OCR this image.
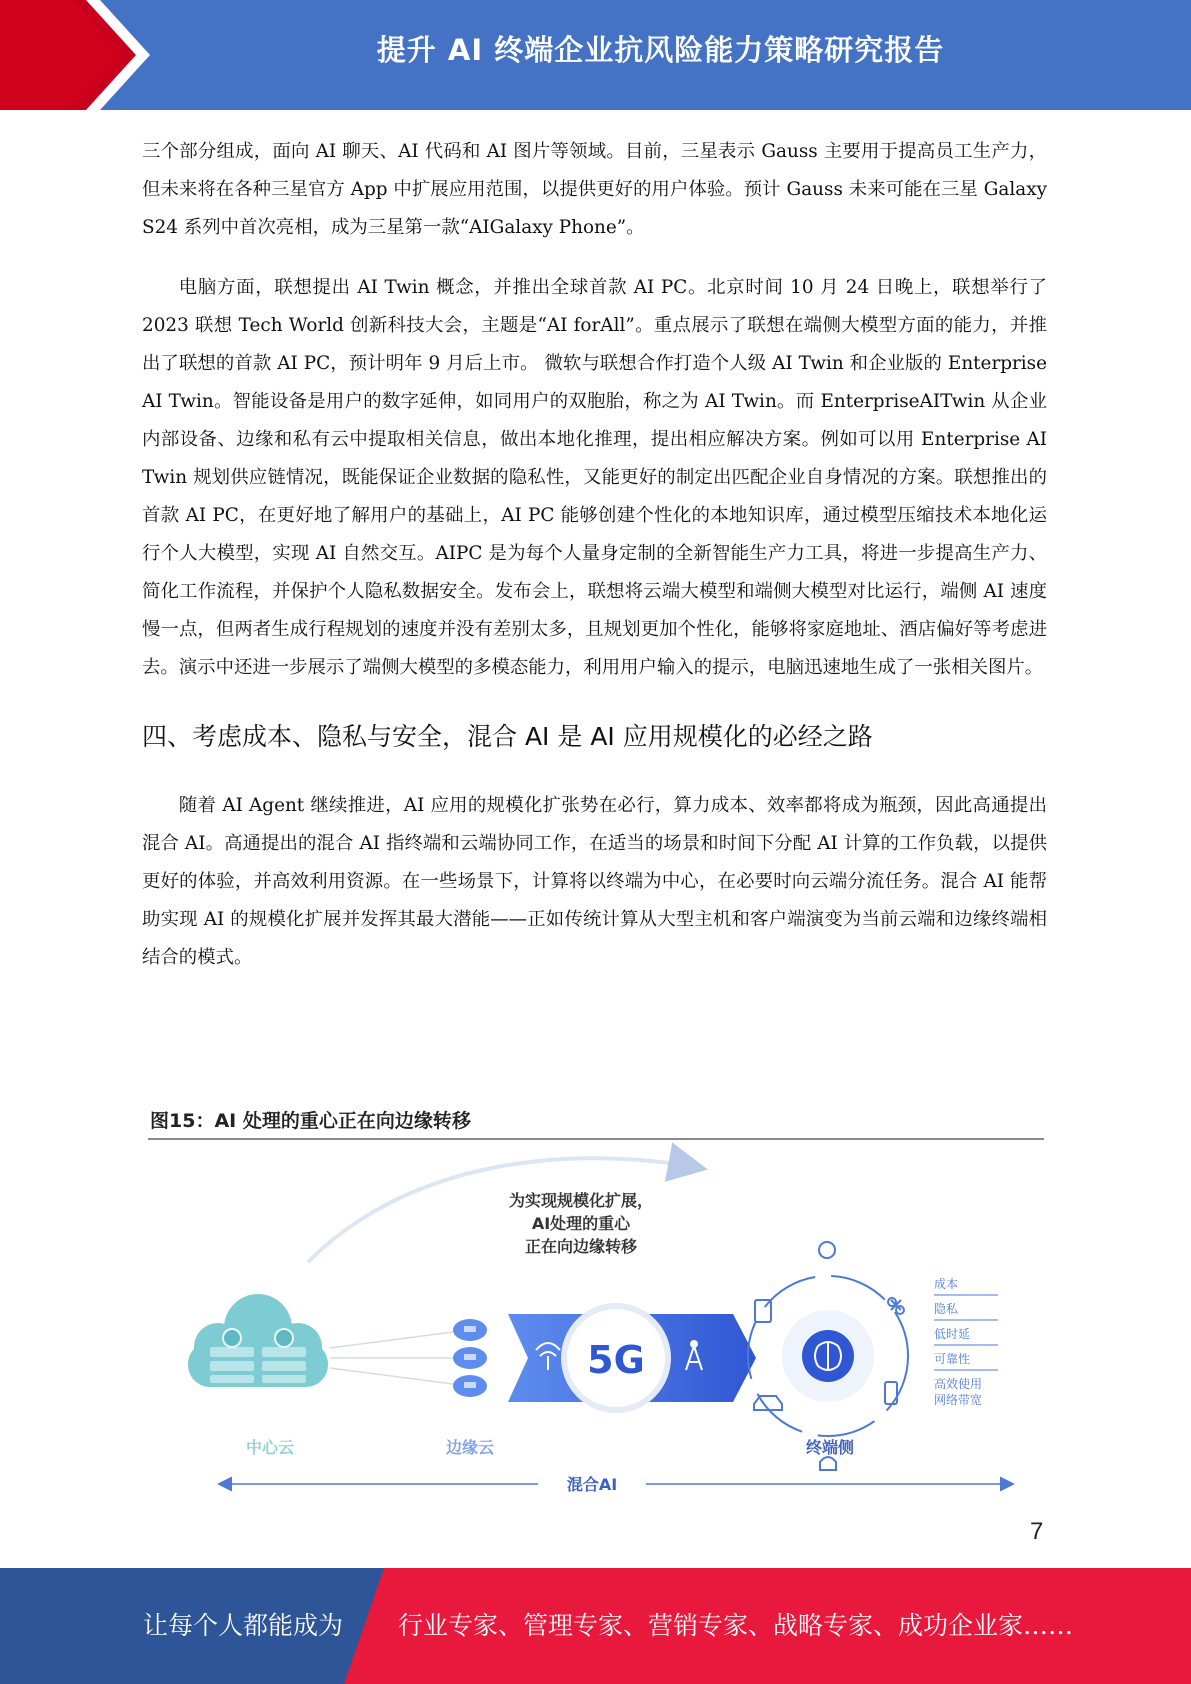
提升 AI 终端企业抗风险能力策略研究报告

三个部分组成，面向 AI 聊天、AI 代码和 AI 图片等领域。目前，三星表示 Gauss 主要用于提高员工生产力，但未来将在各种三星官方 App 中扩展应用范围，以提供更好的用户体验。预计 Gauss 未来可能在三星 Galaxy S24 系列中首次亮相，成为三星第一款“AIGalaxy Phone”。

电脑方面，联想提出 AI Twin 概念，并推出全球首款 AI PC。北京时间 10 月 24 日晚上，联想举行了 2023 联想 Tech World 创新科技大会，主题是“AI forAll”。重点展示了联想在端侧大模型方面的能力，并推出了联想的首款 AI PC，预计明年 9 月后上市。 微软与联想合作打造个人级 AI Twin 和企业版的 Enterprise AI Twin。智能设备是用户的数字延伸，如同用户的双胞胎，称之为 AI Twin。而 EnterpriseAITwin 从企业内部设备、边缘和私有云中提取相关信息，做出本地化推理，提出相应解决方案。例如可以用 Enterprise AI Twin 规划供应链情况，既能保证企业数据的隐私性，又能更好的制定出匹配企业自身情况的方案。联想推出的首款 AI PC，在更好地了解用户的基础上，AI PC 能够创建个性化的本地知识库，通过模型压缩技术本地化运行个人大模型，实现 AI 自然交互。AIPC 是为每个人量身定制的全新智能生产力工具，将进一步提高生产力、简化工作流程，并保护个人隐私数据安全。发布会上，联想将云端大模型和端侧大模型对比运行，端侧 AI 速度慢一点，但两者生成行程规划的速度并没有差别太多，且规划更加个性化，能够将家庭地址、酒店偏好等考虑进去。演示中还进一步展示了端侧大模型的多模态能力，利用用户输入的提示，电脑迅速地生成了一张相关图片。

四、考虑成本、隐私与安全，混合 AI 是 AI 应用规模化的必经之路

随着 AI Agent 继续推进，AI 应用的规模化扩张势在必行，算力成本、效率都将成为瓶颈，因此高通提出混合 AI。高通提出的混合 AI 指终端和云端协同工作，在适当的场景和时间下分配 AI 计算的工作负载，以提供更好的体验，并高效利用资源。在一些场景下，计算将以终端为中心，在必要时向云端分流任务。混合 AI 能帮助实现 AI 的规模化扩展并发挥其最大潜能——正如传统计算从大型主机和客户端演变为当前云端和边缘终端相结合的模式。

图15：AI 处理的重心正在向边缘转移
为实现规模化扩展，
AI处理的重心
正在向边缘转移
5G
成本
隐私
低时延
可靠性
高效使用
网络带宽
中心云	边缘云	终端侧
混合AI
7
让每个人都能成为 行业专家、管理专家、营销专家、战略专家、成功企业家……
